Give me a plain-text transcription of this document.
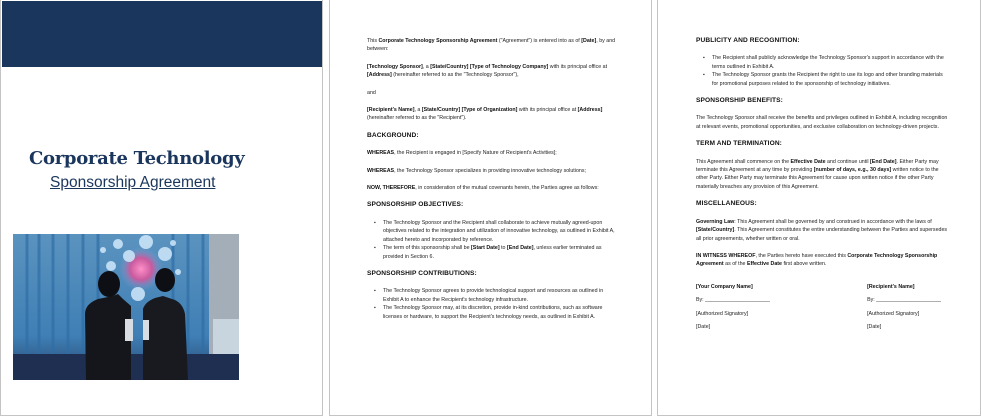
Corporate Technology
Sponsorship Agreement

This Corporate Technology Sponsorship Agreement ("Agreement") is entered into as of [Date], by and between:

[Technology Sponsor], a [State/Country] [Type of Technology Company] with its principal office at [Address] (hereinafter referred to as the "Technology Sponsor"),

and

[Recipient's Name], a [State/Country] [Type of Organization] with its principal office at [Address] (hereinafter referred to as the "Recipient").

BACKGROUND:

WHEREAS, the Recipient is engaged in [Specify Nature of Recipient's Activities];

WHEREAS, the Technology Sponsor specializes in providing innovative technology solutions;

NOW, THEREFORE, in consideration of the mutual covenants herein, the Parties agree as follows:

SPONSORSHIP OBJECTIVES:
▪ The Technology Sponsor and the Recipient shall collaborate to achieve mutually agreed-upon objectives related to the integration and utilization of innovative technology, as outlined in Exhibit A, attached hereto and incorporated by reference.
▪ The term of this sponsorship shall be [Start Date] to [End Date], unless earlier terminated as provided in Section 6.
SPONSORSHIP CONTRIBUTIONS:
▪ The Technology Sponsor agrees to provide technological support and resources as outlined in Exhibit A to enhance the Recipient's technology infrastructure.
▪ The Technology Sponsor may, at its discretion, provide in-kind contributions, such as software licenses or hardware, to support the Recipient's technology needs, as outlined in Exhibit A.
PUBLICITY AND RECOGNITION:
▪ The Recipient shall publicly acknowledge the Technology Sponsor's support in accordance with the terms outlined in Exhibit A.
▪ The Technology Sponsor grants the Recipient the right to use its logo and other branding materials for promotional purposes related to the sponsorship of technology initiatives.
SPONSORSHIP BENEFITS:

The Technology Sponsor shall receive the benefits and privileges outlined in Exhibit A, including recognition at relevant events, promotional opportunities, and exclusive collaboration on technology-driven projects.

TERM AND TERMINATION:

This Agreement shall commence on the Effective Date and continue until [End Date]. Either Party may terminate this Agreement at any time by providing [number of days, e.g., 30 days] written notice to the other Party. Either Party may terminate this Agreement for cause upon written notice if the other Party materially breaches any provision of this Agreement.

MISCELLANEOUS:

Governing Law: This Agreement shall be governed by and construed in accordance with the laws of [State/Country]. This Agreement constitutes the entire understanding between the Parties and supersedes all prior agreements, whether written or oral.

IN WITNESS WHEREOF, the Parties hereto have executed this Corporate Technology Sponsorship Agreement as of the Effective Date first above written.

[Your Company Name]

By: ______________________

[Authorized Signatory]

[Date]

[Recipient's Name]

By: ______________________

[Authorized Signatory]

[Date]
